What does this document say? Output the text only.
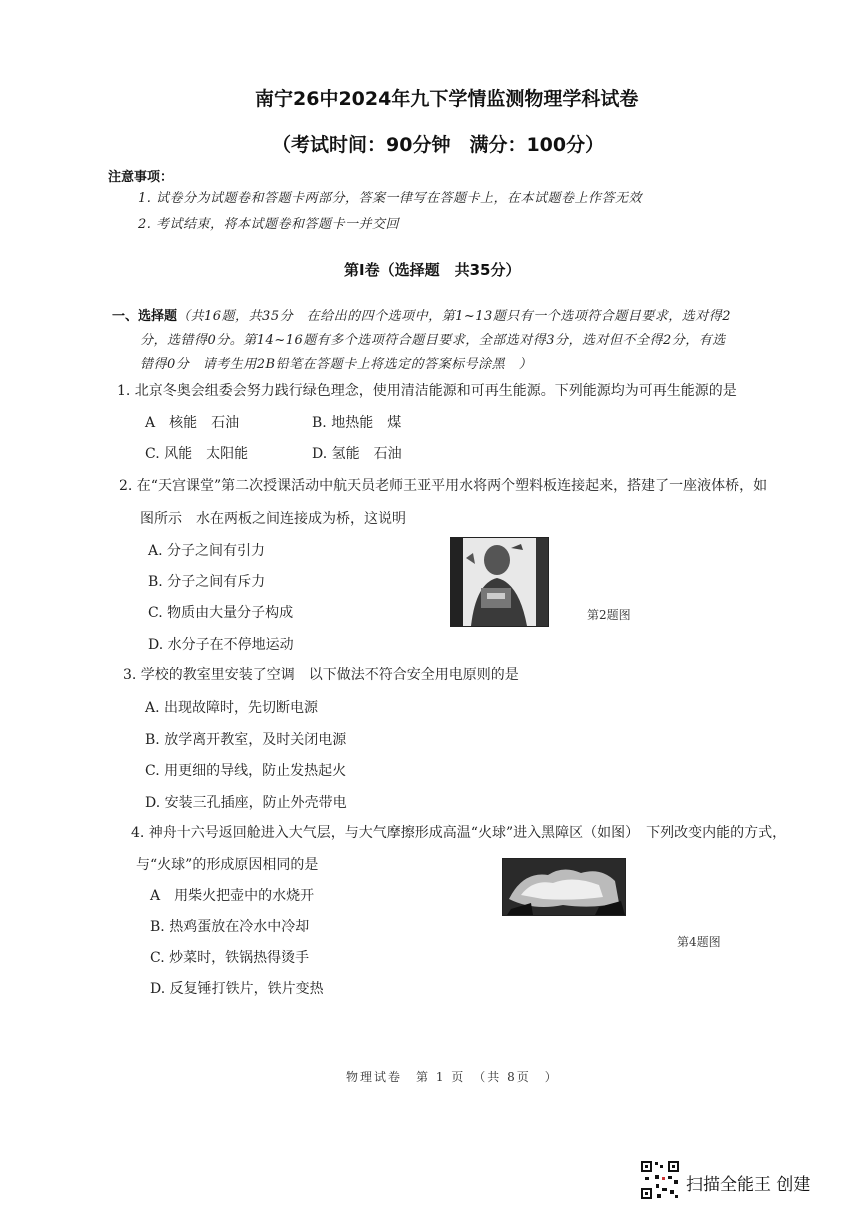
南宁26中2024年九下学情监测物理学科试卷
（考试时间：90分钟　满分：100分）
注意事项：
1. 试卷分为试题卷和答题卡两部分，答案一律写在答题卡上，在本试题卷上作答无效
2. 考试结束，将本试题卷和答题卡一并交回
第Ⅰ卷（选择题　共35分）
一、选择题（共16题，共35分　在给出的四个选项中，第1~13题只有一个选项符合题目要求，选对得2
分，选错得0分。第14~16题有多个选项符合题目要求，全部选对得3分，选对但不全得2分，有选
错得0分　请考生用2B铅笔在答题卡上将选定的答案标号涂黑　）
1. 北京冬奥会组委会努力践行绿色理念，使用清洁能源和可再生能源。下列能源均为可再生能源的是
A　核能　石油	B. 地热能　煤
C. 风能　太阳能	D. 氢能　石油
2. 在“天宫课堂”第二次授课活动中航天员老师王亚平用水将两个塑料板连接起来，搭建了一座液体桥，如
图所示　水在两板之间连接成为桥，这说明
A. 分子之间有引力
B. 分子之间有斥力
C. 物质由大量分子构成
D. 水分子在不停地运动
第2题图
3. 学校的教室里安装了空调　以下做法不符合安全用电原则的是
A. 出现故障时，先切断电源
B. 放学离开教室，及时关闭电源
C. 用更细的导线，防止发热起火
D. 安装三孔插座，防止外壳带电
4. 神舟十六号返回舱进入大气层，与大气摩擦形成高温“火球”进入黑障区（如图）　下列改变内能的方式，
与“火球”的形成原因相同的是
A　用柴火把壶中的水烧开
B. 热鸡蛋放在冷水中冷却
C. 炒菜时，铁锅热得烫手
D. 反复锤打铁片，铁片变热
第4题图
物理试卷　第 1 页　（共 8页　）
扫描全能王 创建
